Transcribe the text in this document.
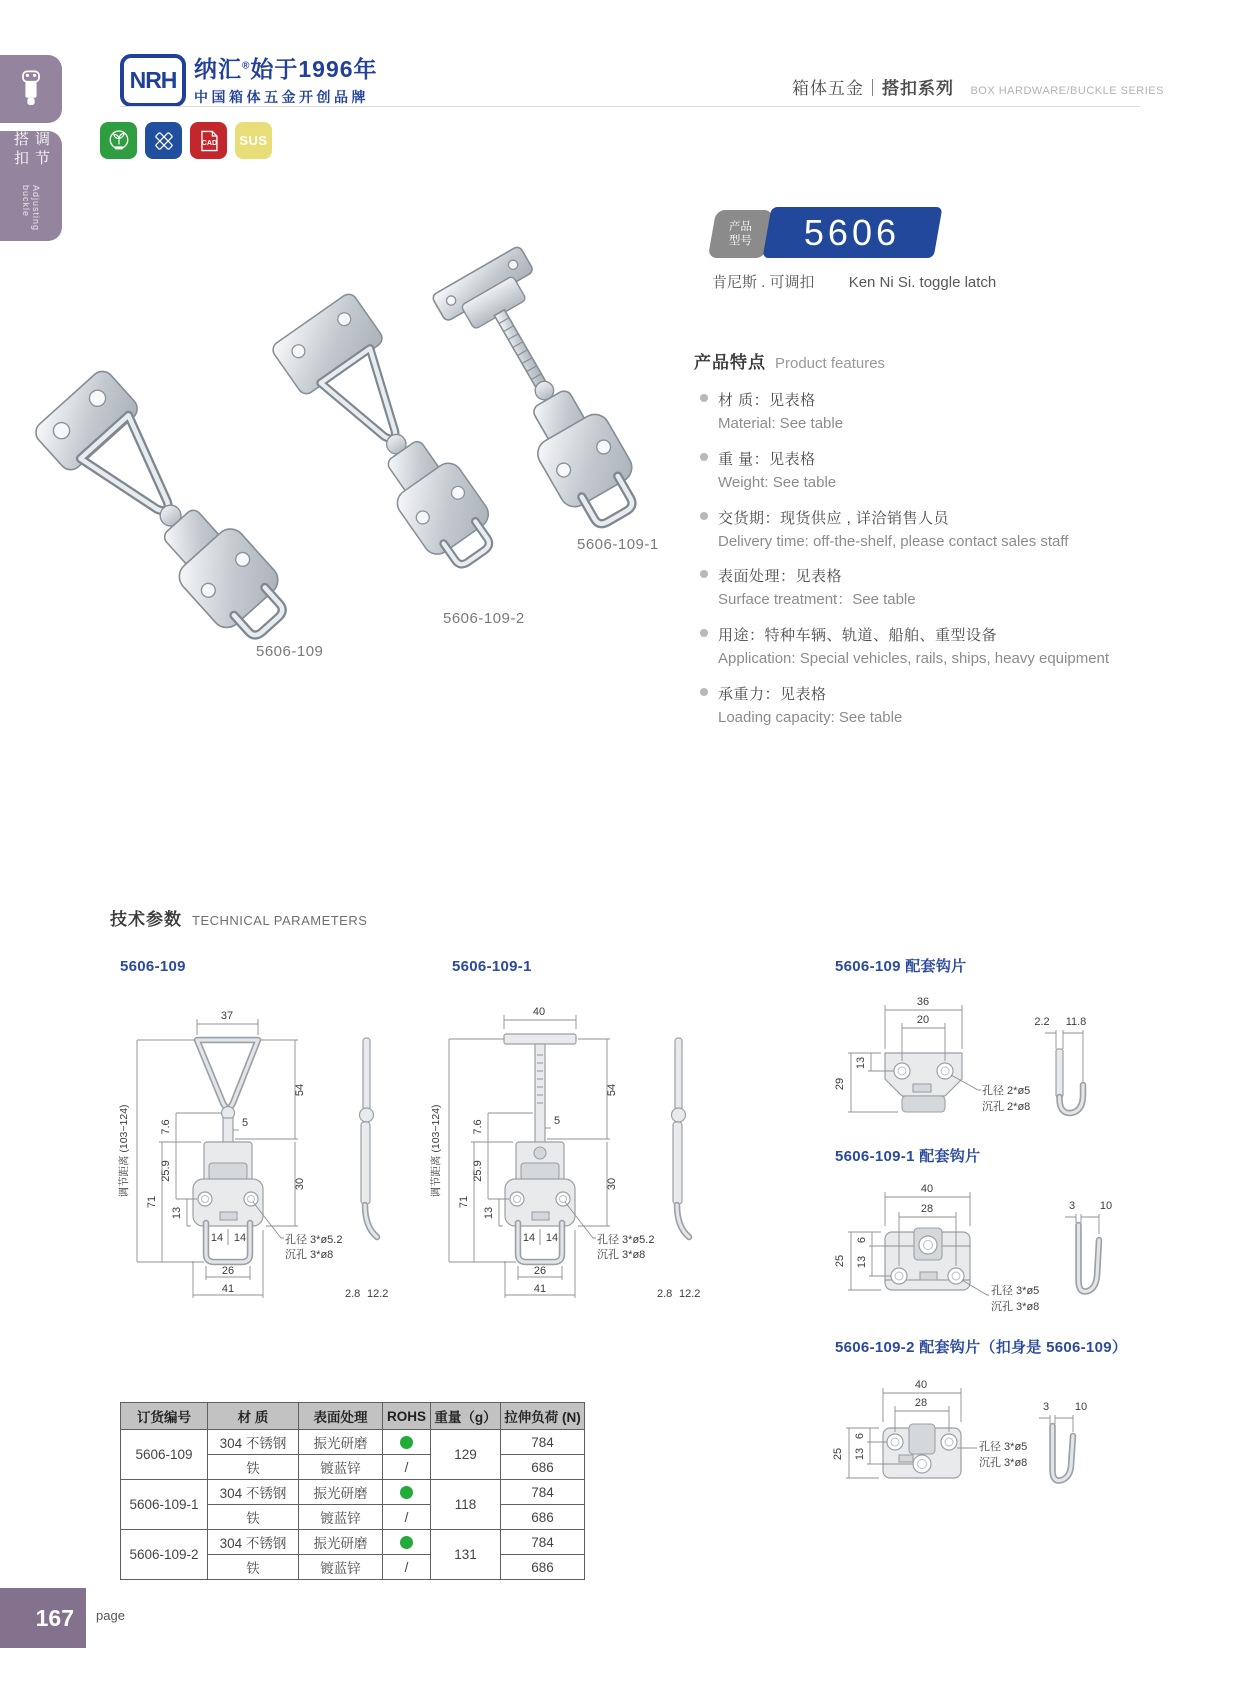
调节搭扣
Adjusting buckle
NRH 纳汇®始于1996年
中国箱体五金开创品牌	箱体五金｜搭扣系列 BOX HARDWARE/BUCKLE SERIES
CAD SUS
5606-109
5606-109-2
5606-109-1
产品
型号 5606
肯尼斯 . 可调扣 Ken Ni Si. toggle latch
产品特点 Product features
材 质：见表格
Material: See table
重 量：见表格
Weight: See table
交货期：现货供应 , 详洽销售人员
Delivery time: off-the-shelf, please contact sales staff
表面处理：见表格
Surface treatment：See table
用途：特种车辆、轨道、船舶、重型设备
Application: Special vehicles, rails, ships, heavy equipment
承重力：见表格
Loading capacity: See table
技术参数 TECHNICAL PARAMETERS
5606-109	5606-109-1	5606-109 配套钩片
5606-109-1 配套钩片
5606-109-2 配套钩片（扣身是 5606-109）
37
54
5
30
71
25.9
13
7.6
调节距离 (103~124)
14 14
26
41
孔径 3*ø5.2
沉孔 3*ø8
2.8 12.2
40
54
5
30
71
25.9
13
7.6
调节距离 (103~124)
14 14
26
41
孔径 3*ø5.2
沉孔 3*ø8
2.8 12.2
36
20
13
29
孔径 2*ø5
沉孔 2*ø8
2.2 11.8
40
28
6
13
25
孔径 3*ø5
沉孔 3*ø8
3 10
40
28
6
13
25
孔径 3*ø5
沉孔 3*ø8
3 10
订货编号	材 质	表面处理	ROHS	重量（g）	拉伸负荷 (N)
5606-109	304 不锈钢	振光研磨		129	784
	铁	镀蓝锌	/		686
5606-109-1	304 不锈钢	振光研磨		118	784
	铁	镀蓝锌	/		686
5606-109-2	304 不锈钢	振光研磨		131	784
	铁	镀蓝锌	/		686
167	page
